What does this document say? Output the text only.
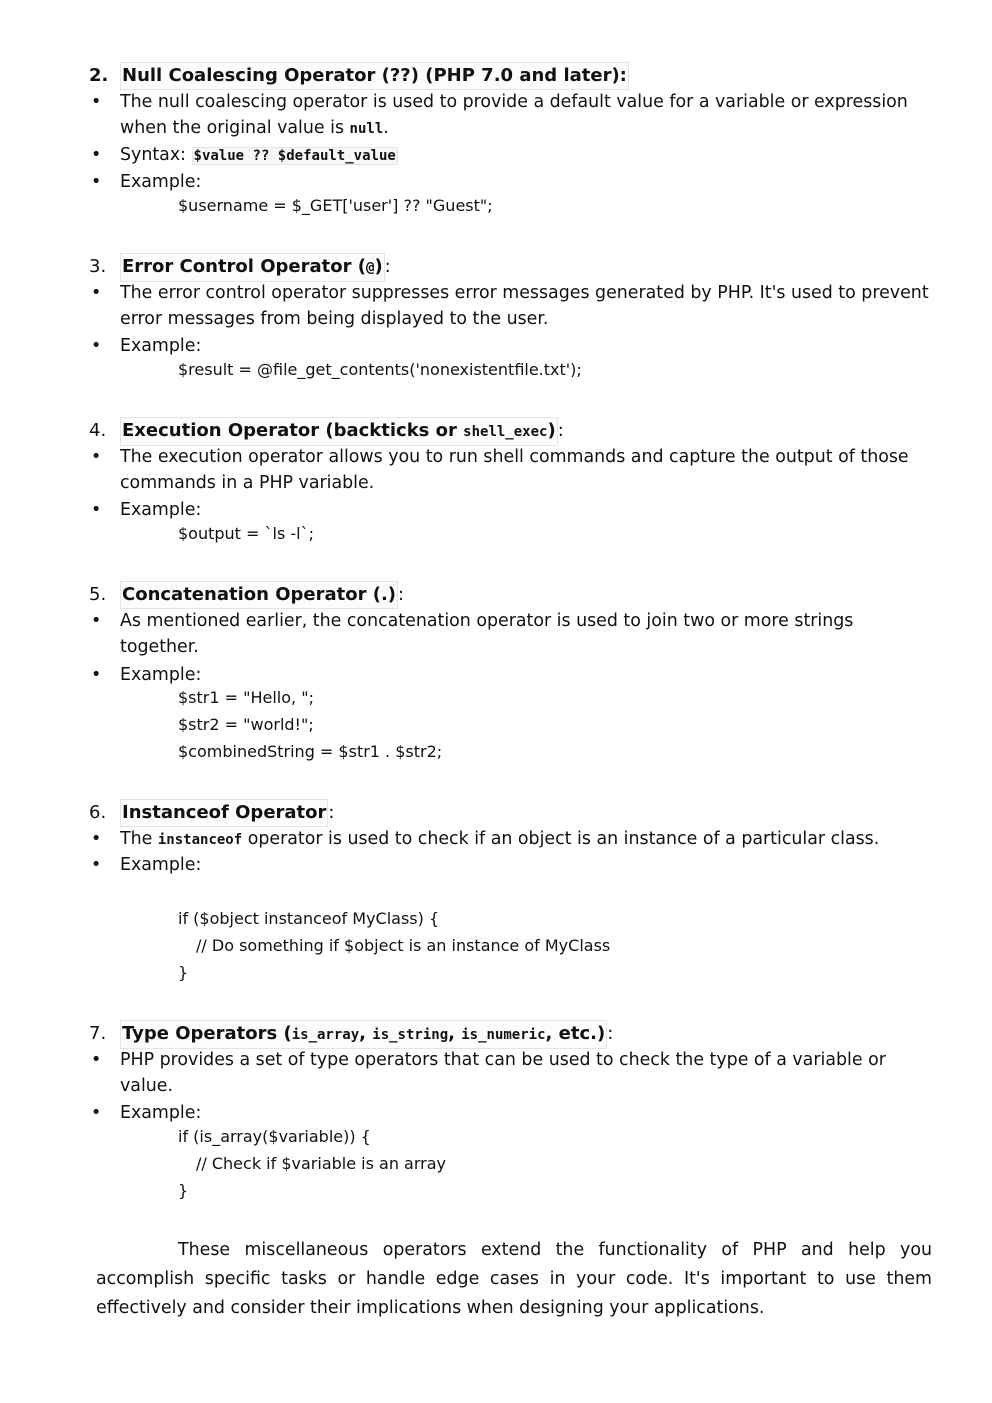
2. Null Coalescing Operator (??) (PHP 7.0 and later):
•	The null coalescing operator is used to provide a default value for a variable or expression when the original value is null.
•	Syntax: $value ?? $default_value
•	Example:
$username = $_GET['user'] ?? "Guest";
3. Error Control Operator (@) :
•	The error control operator suppresses error messages generated by PHP. It's used to prevent error messages from being displayed to the user.
•	Example:
$result = @file_get_contents('nonexistentfile.txt');
4. Execution Operator (backticks or shell_exec) :
•	The execution operator allows you to run shell commands and capture the output of those commands in a PHP variable.
•	Example:
$output = `ls -l`;
5. Concatenation Operator (.) :
•	As mentioned earlier, the concatenation operator is used to join two or more strings together.
•	Example:
$str1 = "Hello, ";
$str2 = "world!";
$combinedString = $str1 . $str2;
6. Instanceof Operator :
•	The instanceof operator is used to check if an object is an instance of a particular class.
•	Example:
if ($object instanceof MyClass) {
// Do something if $object is an instance of MyClass
}
7. Type Operators (is_array, is_string, is_numeric, etc.) :
•	PHP provides a set of type operators that can be used to check the type of a variable or value.
•	Example:
if (is_array($variable)) {
// Check if $variable is an array
}

These miscellaneous operators extend the functionality of PHP and help you accomplish specific tasks or handle edge cases in your code. It's important to use them effectively and consider their implications when designing your applications.
